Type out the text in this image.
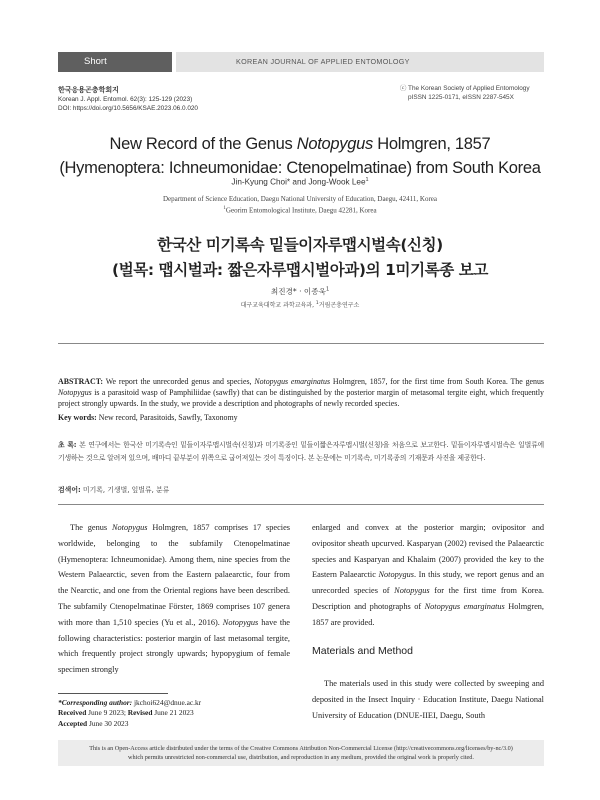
Short communication
KOREAN JOURNAL OF APPLIED ENTOMOLOGY
한국응용곤충학회지
Korean J. Appl. Entomol. 62(3): 125-129 (2023)
DOI: https://doi.org/10.5656/KSAE.2023.06.0.020
ⓒ The Korean Society of Applied Entomology
pISSN 1225-0171, eISSN 2287-545X
New Record of the Genus Notopygus Holmgren, 1857
(Hymenoptera: Ichneumonidae: Ctenopelmatinae) from South Korea
Jin-Kyung Choi* and Jong-Wook Lee$^1$
Department of Science Education, Daegu National University of Education, Daegu, 42411, Korea
$^1$Georim Entomological Institute, Daegu 42281, Korea
한국산 미기록속 밑들이자루맵시벌속(신칭)
(벌목: 맵시벌과: 짧은자루맵시벌아과)의 1미기록종 보고
최진경* · 이종욱$^1$
대구교육대학교 과학교육과, $^1$거림곤충연구소
ABSTRACT: We report the unrecorded genus and species, Notopygus emarginatus Holmgren, 1857, for the first time from South Korea. The genus Notopygus is a parasitoid wasp of Pamphiliidae (sawfly) that can be distinguished by the posterior margin of metasomal tergite eight, which frequently project strongly upwards. In the study, we provide a description and photographs of newly recorded species.
Key words: New record, Parasitoids, Sawfly, Taxonomy
초 록: 본 연구에서는 한국산 미기록속인 밑들이자루맵시벌속(신칭)과 미기록종인 밑들이짧은자루맵시벌(신칭)을 처음으로 보고한다. 밑들이자루맵시벌속은 일벌류에 기생하는 것으로 알려져 있으며, 배마디 끝부분이 위쪽으로 굽어져있는 것이 특징이다. 본 논문에는 미기록속, 미기록종의 기재문과 사진을 제공한다.
검색어: 미기록, 기생벌, 잎벌류, 분류

The genus Notopygus Holmgren, 1857 comprises 17 species worldwide, belonging to the subfamily Ctenopelmatinae (Hymenoptera: Ichneumonidae). Among them, nine species from the Western Palaearctic, seven from the Eastern palaearctic, four from the Nearctic, and one from the Oriental regions have been described. The subfamily Ctenopelmatinae Förster, 1869 comprises 107 genera with more than 1,510 species (Yu et al., 2016). Notopygus have the following characteristics: posterior margin of last metasomal tergite, which frequently project strongly upwards; hypopygium of female specimen strongly

enlarged and convex at the posterior margin; ovipositor and ovipositor sheath upcurved. Kasparyan (2002) revised the Palaearctic species and Kasparyan and Khalaim (2007) provided the key to the Eastern Palaearctic Notopygus. In this study, we report genus and an unrecorded species of Notopygus for the first time from Korea. Description and photographs of Notopygus emarginatus Holmgren, 1857 are provided.

Materials and Method
The materials used in this study were collected by sweeping and deposited in the Insect Inquiry · Education Institute, Daegu National University of Education (DNUE-IIEI, Daegu, South
*Corresponding author: jkchoi624@dnue.ac.kr
Received June 9 2023; Revised June 21 2023
Accepted June 30 2023
This is an Open-Access article distributed under the terms of the Creative Commons Attribution Non-Commercial License (http://creativecommons.org/licenses/by-nc/3.0)
which permits unrestricted non-commercial use, distribution, and reproduction in any medium, provided the original work is properly cited.
